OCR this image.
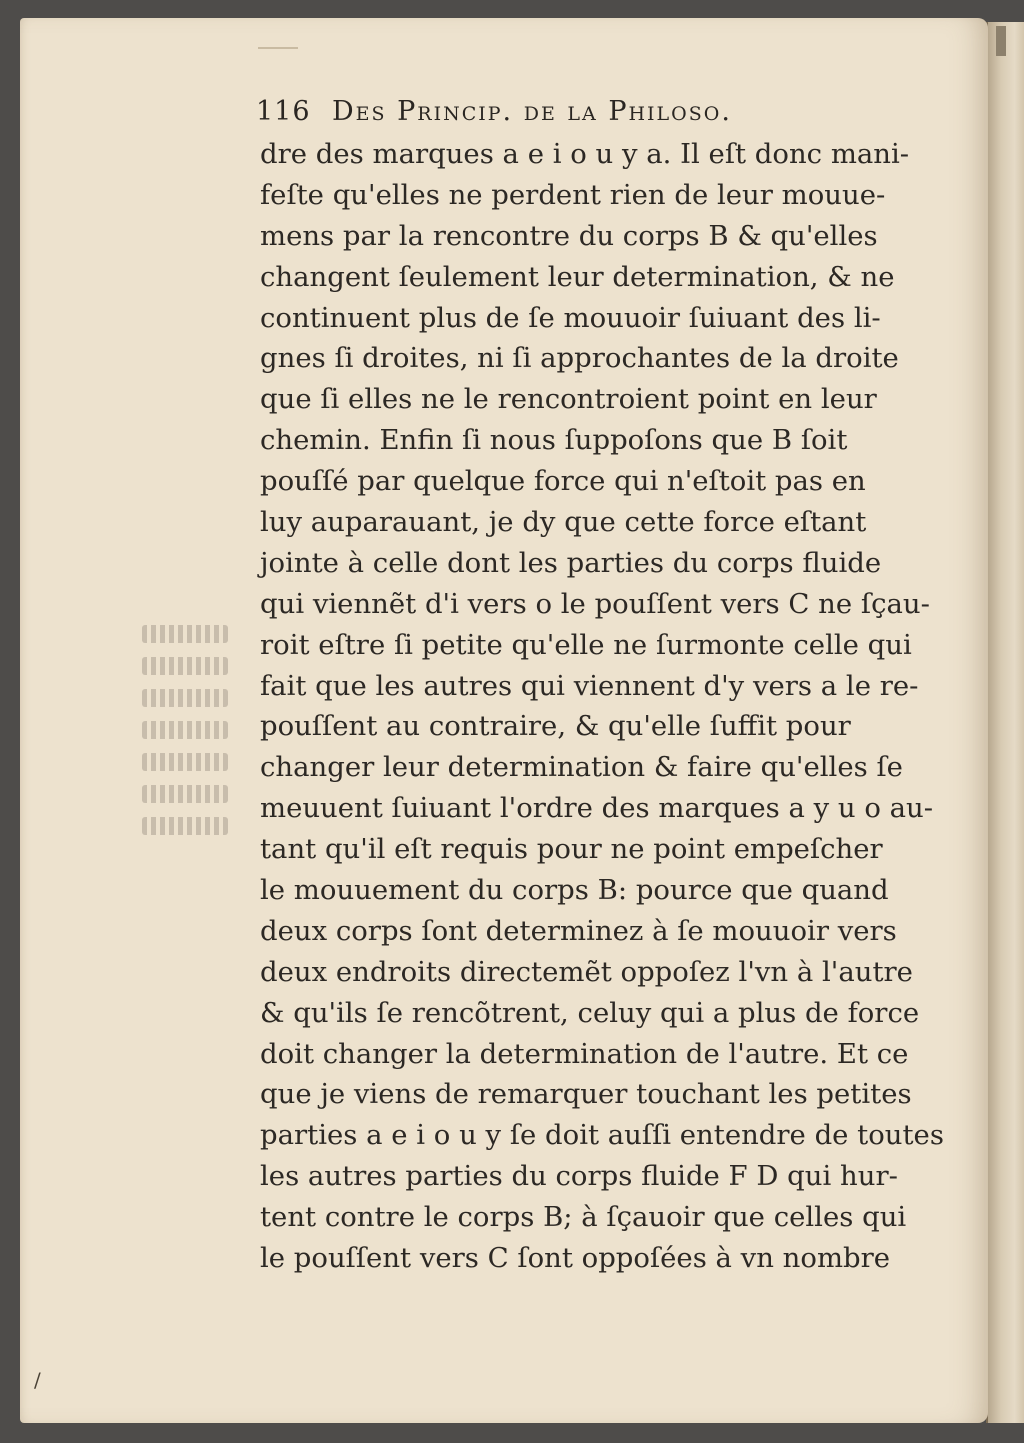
116 Des Princip. de la Philoso.
dre des marques a e i o u y a. Il eſt donc mani-
feſte qu'elles ne perdent rien de leur mouue-
mens par la rencontre du corps B & qu'elles
changent ſeulement leur determination, & ne
continuent plus de ſe mouuoir ſuiuant des li-
gnes ſi droites, ni ſi approchantes de la droite
que ſi elles ne le rencontroient point en leur
chemin. Enfin ſi nous ſuppoſons que B ſoit
pouſſé par quelque force qui n'eſtoit pas en
luy auparauant, je dy que cette force eſtant
jointe à celle dont les parties du corps fluide
qui viennẽt d'i vers o le pouſſent vers C ne ſçau-
roit eſtre ſi petite qu'elle ne ſurmonte celle qui
fait que les autres qui viennent d'y vers a le re-
pouſſent au contraire, & qu'elle ſuffit pour
changer leur determination & faire qu'elles ſe
meuuent ſuiuant l'ordre des marques a y u o au-
tant qu'il eſt requis pour ne point empeſcher
le mouuement du corps B: pource que quand
deux corps ſont determinez à ſe mouuoir vers
deux endroits directemẽt oppoſez l'vn à l'autre
& qu'ils ſe rencõtrent, celuy qui a plus de force
doit changer la determination de l'autre. Et ce
que je viens de remarquer touchant les petites
parties a e i o u y ſe doit auſſi entendre de toutes
les autres parties du corps fluide F D qui hur-
tent contre le corps B; à ſçauoir que celles qui
le pouſſent vers C ſont oppoſées à vn nombre
/
